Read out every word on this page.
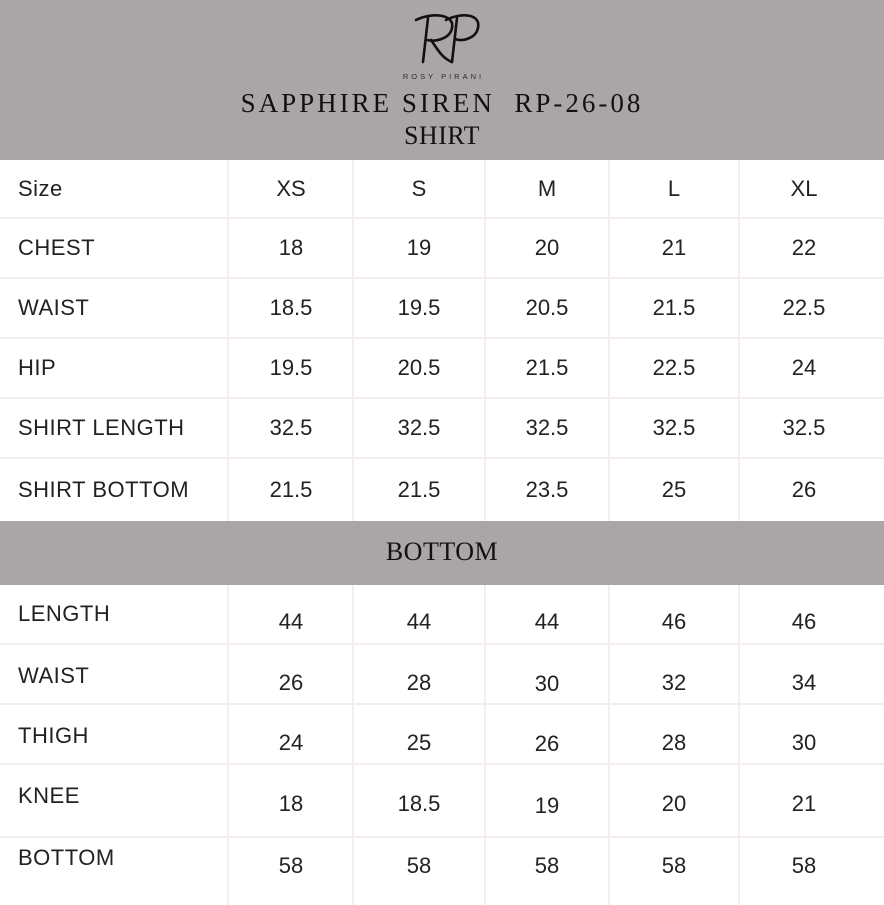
ROSY PIRANI
SAPPHIRE SIREN  RP-26-08
SHIRT
Size	XS	S	M	L	XL
CHEST	18	19	20	21	22
WAIST	18.5	19.5	20.5	21.5	22.5
HIP	19.5	20.5	21.5	22.5	24
SHIRT LENGTH	32.5	32.5	32.5	32.5	32.5
SHIRT BOTTOM	21.5	21.5	23.5	25	26
BOTTOM
LENGTH	44	44	44	46	46
WAIST	26	28	30	32	34
THIGH	24	25	26	28	30
KNEE	18	18.5	19	20	21
BOTTOM	58	58	58	58	58
